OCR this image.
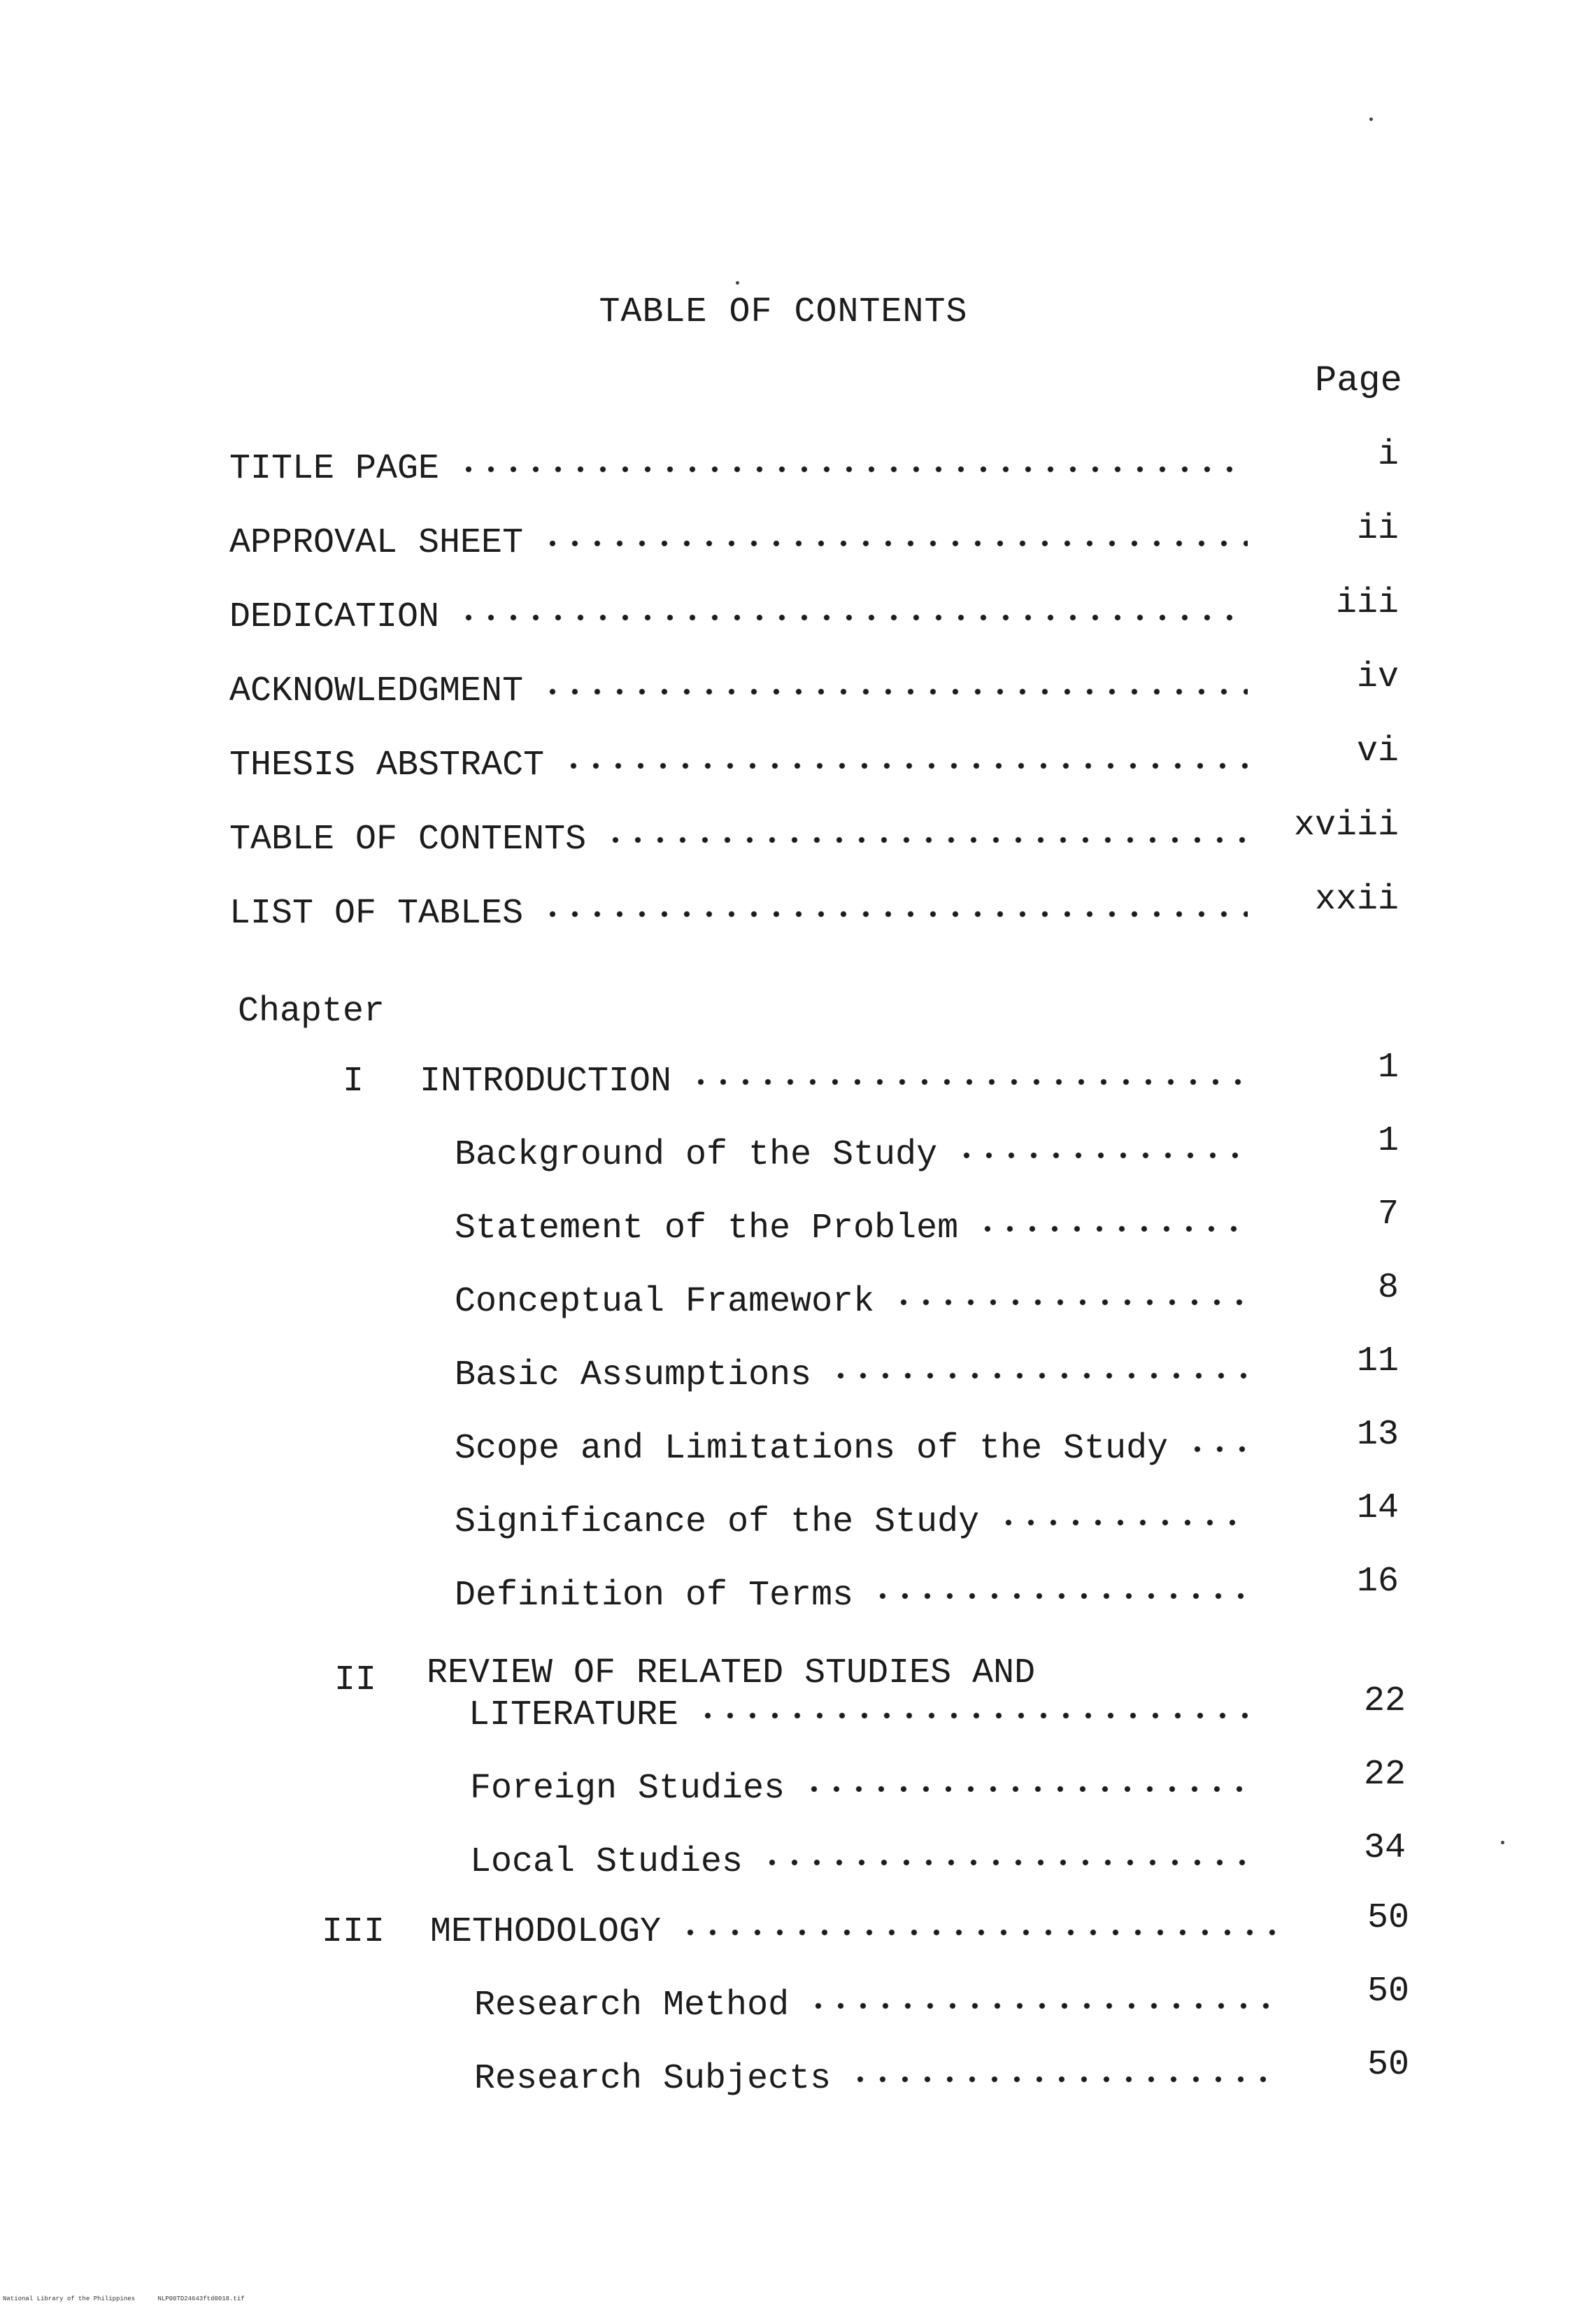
TABLE OF CONTENTS
Page
TITLE PAGE	i
APPROVAL SHEET	ii
DEDICATION	iii
ACKNOWLEDGMENT	iv
THESIS ABSTRACT	vi
TABLE OF CONTENTS	xviii
LIST OF TABLES	xxii
Chapter
I	INTRODUCTION	1
Background of the Study	1
Statement of the Problem	7
Conceptual Framework	8
Basic Assumptions	11
Scope and Limitations of the Study	13
Significance of the Study	14
Definition of Terms	16
II REVIEW OF RELATED STUDIES AND
LITERATURE	22
Foreign Studies	22
Local Studies	34
III	METHODOLOGY	50
Research Method	50
Research Subjects	50
National Library of the Philippines	NLP00TD24643ftd0018.tif
